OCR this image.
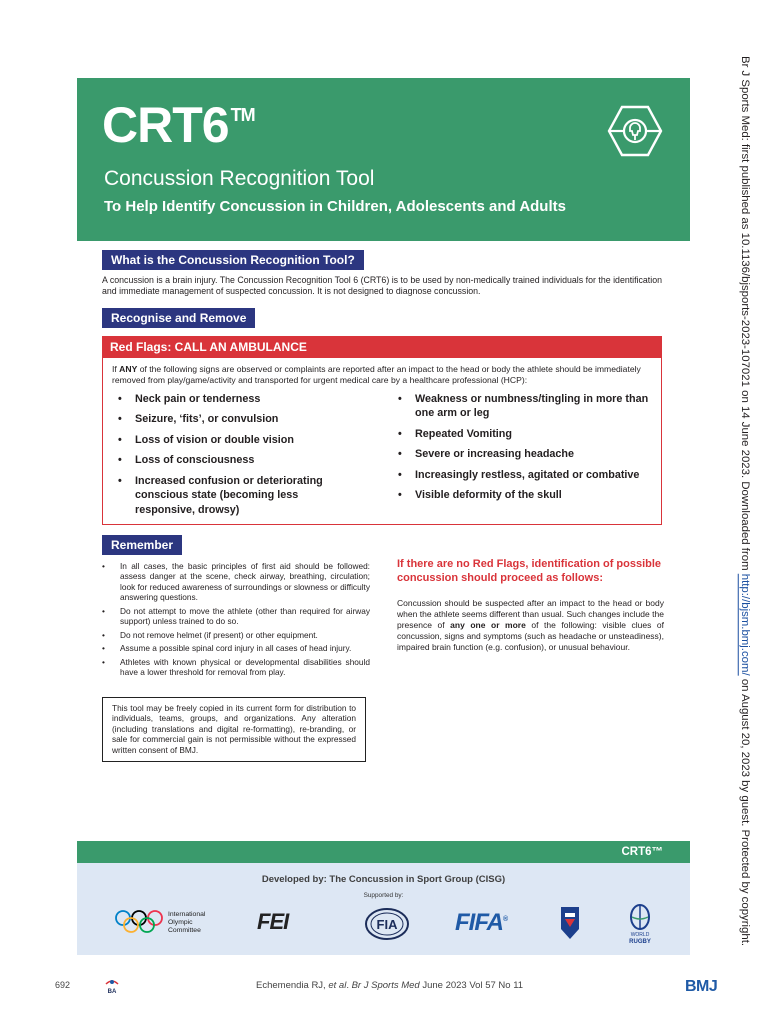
Br J Sports Med: first published as 10.1136/bjsports-2023-107021 on 14 June 2023. Downloaded from http://bjsm.bmj.com/ on August 20, 2023 by guest. Protected by copyright.
CRT6 ™
Concussion Recognition Tool
To Help Identify Concussion in Children, Adolescents and Adults
What is the Concussion Recognition Tool?
A concussion is a brain injury. The Concussion Recognition Tool 6 (CRT6) is to be used by non-medically trained individuals for the identification and immediate management of suspected concussion. It is not designed to diagnose concussion.
Recognise and Remove
Red Flags: CALL AN AMBULANCE
If ANY of the following signs are observed or complaints are reported after an impact to the head or body the athlete should be immediately removed from play/game/activity and transported for urgent medical care by a healthcare professional (HCP):
• Neck pain or tenderness
• Seizure, ‘fits’, or convulsion
• Loss of vision or double vision
• Loss of consciousness
• Increased confusion or deteriorating conscious state (becoming less responsive, drowsy)
• Weakness or numbness/tingling in more than one arm or leg
• Repeated Vomiting
• Severe or increasing headache
• Increasingly restless, agitated or combative
• Visible deformity of the skull
Remember
• In all cases, the basic principles of first aid should be followed: assess danger at the scene, check airway, breathing, circulation; look for reduced awareness of surroundings or slowness or difficulty answering questions.
• Do not attempt to move the athlete (other than required for airway support) unless trained to do so.
• Do not remove helmet (if present) or other equipment.
• Assume a possible spinal cord injury in all cases of head injury.
• Athletes with known physical or developmental disabilities should have a lower threshold for removal from play.
If there are no Red Flags, identification of possible concussion should proceed as follows:
Concussion should be suspected after an impact to the head or body when the athlete seems different than usual. Such changes include the presence of any one or more of the following: visible clues of concussion, signs and symptoms (such as headache or unsteadiness), impaired brain function (e.g. confusion), or unusual behaviour.
This tool may be freely copied in its current form for distribution to individuals, teams, groups, and organizations. Any alteration (including translations and digital re-formatting), re-branding, or sale for commercial gain is not permissible without the expressed written consent of BMJ.
CRT6™
Developed by: The Concussion in Sport Group (CISG)
Supported by:
International
Olympic
Committee	FEI	FIA FIFA®
WORLD
RUGBY
692
BA
Echemendia RJ, et al. Br J Sports Med June 2023 Vol 57 No 11	BMJ
